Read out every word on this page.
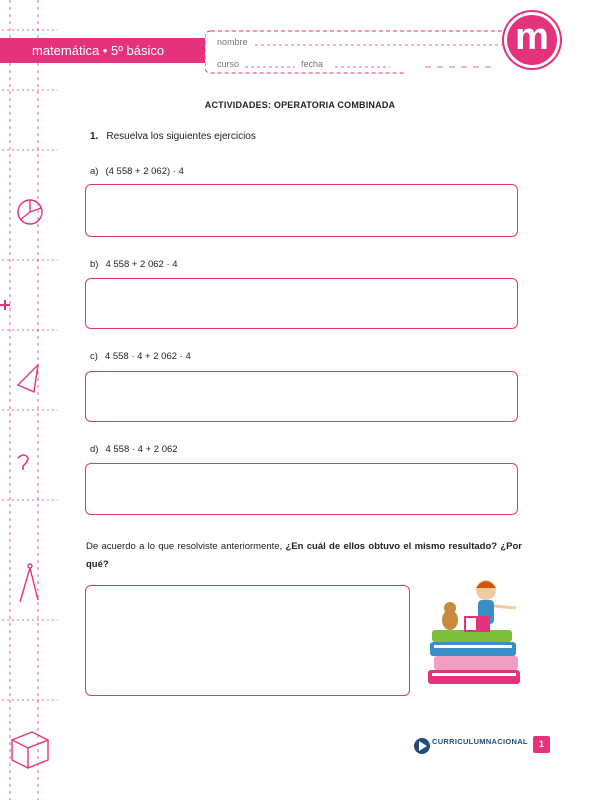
matemática • 5º básico
nombre
curso	fecha
m
ACTIVIDADES: OPERATORIA COMBINADA
1. Resuelva los siguientes ejercicios
a) (4 558 + 2 062) · 4
b) 4 558 + 2 062 · 4
c) 4 558 · 4 + 2 062 · 4
d) 4 558 · 4 + 2 062
De acuerdo a lo que resolviste anteriormente, ¿En cuál de ellos obtuvo el mismo resultado? ¿Por qué?
CURRICULUMNACIONAL	1
